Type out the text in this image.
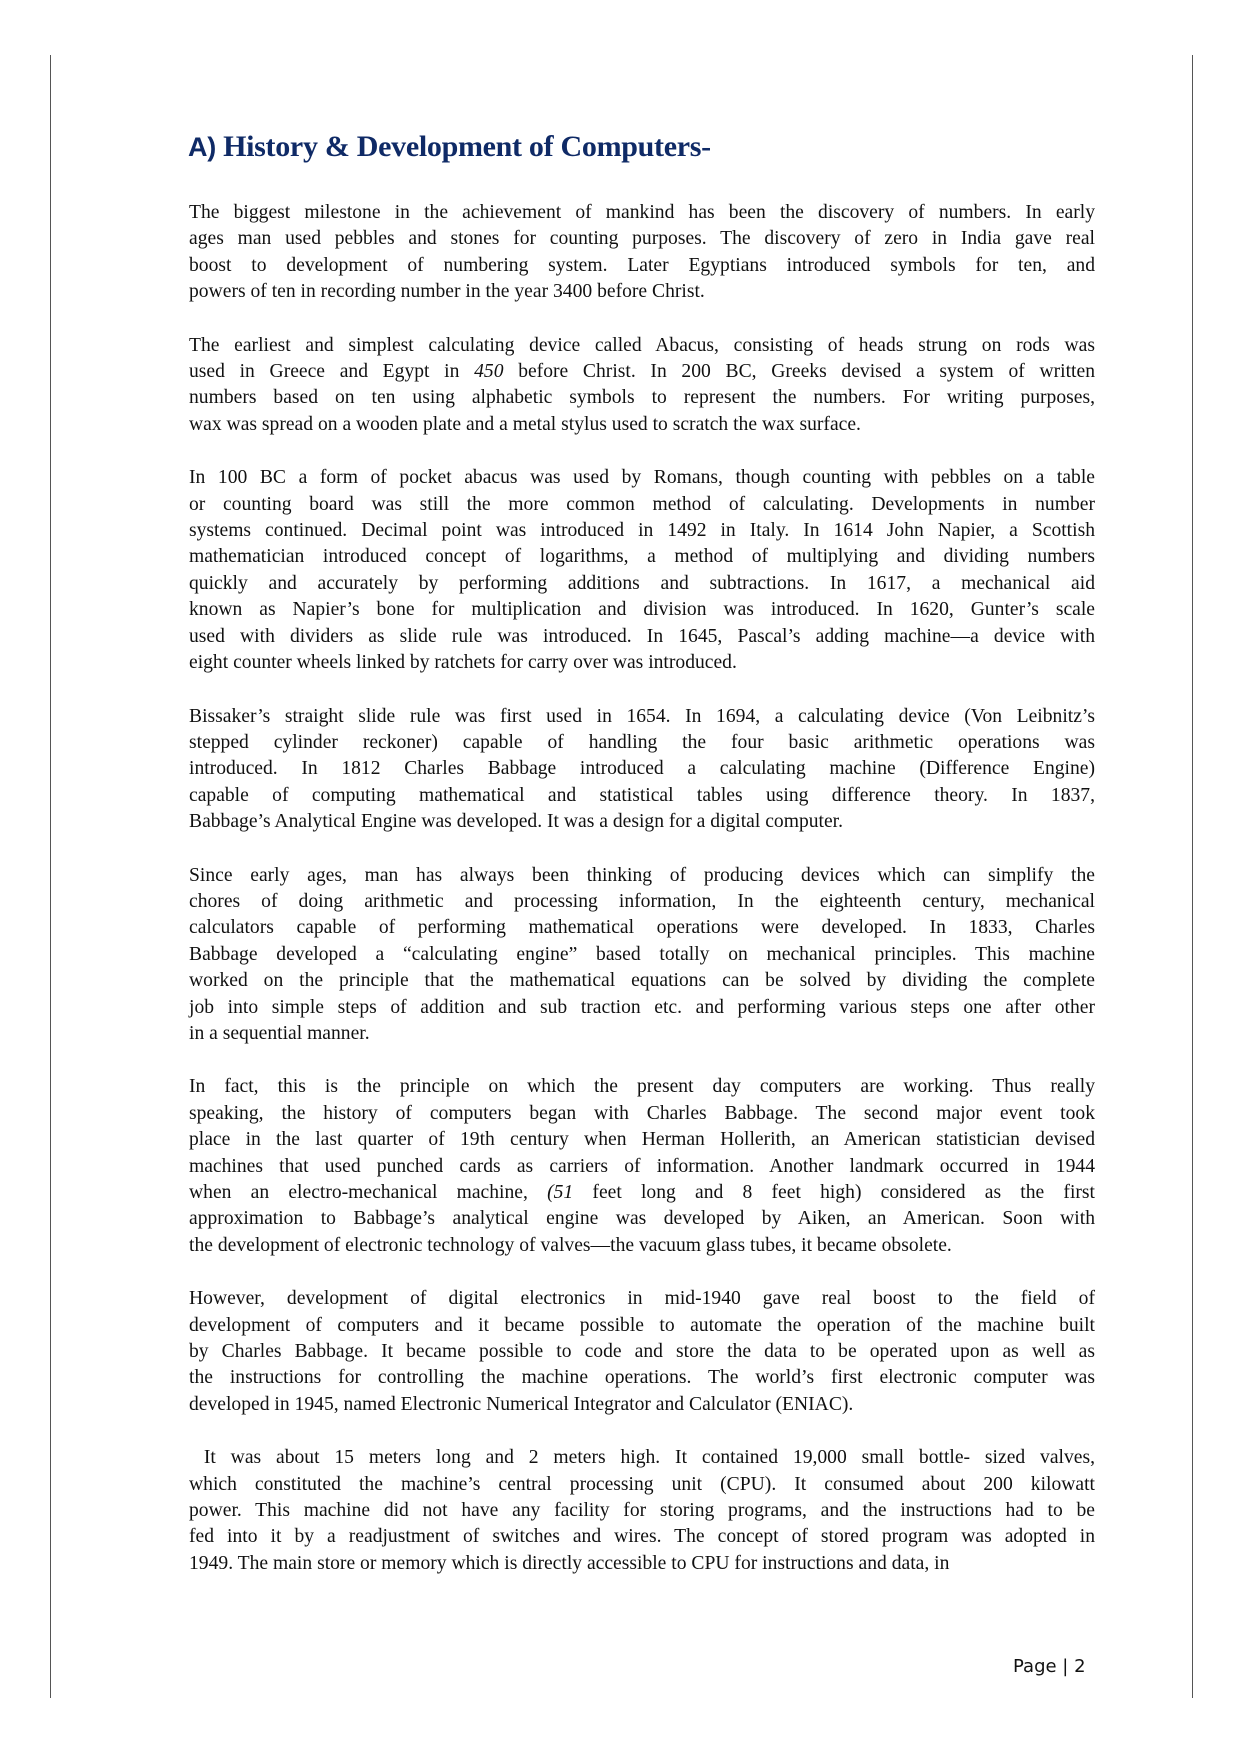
A) History & Development of Computers-
The biggest milestone in the achievement of mankind has been the discovery of numbers. In early
ages man used pebbles and stones for counting purposes. The discovery of zero in India gave real
boost to development of numbering system. Later Egyptians introduced symbols for ten, and
powers of ten in recording number in the year 3400 before Christ.
The earliest and simplest calculating device called Abacus, consisting of heads strung on rods was
used in Greece and Egypt in 450 before Christ. In 200 BC, Greeks devised a system of written
numbers based on ten using alphabetic symbols to represent the numbers. For writing purposes,
wax was spread on a wooden plate and a metal stylus used to scratch the wax surface.
In 100 BC a form of pocket abacus was used by Romans, though counting with pebbles on a table
or counting board was still the more common method of calculating. Developments in number
systems continued. Decimal point was introduced in 1492 in Italy. In 1614 John Napier, a Scottish
mathematician introduced concept of logarithms, a method of multiplying and dividing numbers
quickly and accurately by performing additions and subtractions. In 1617, a mechanical aid
known as Napier’s bone for multiplication and division was introduced. In 1620, Gunter’s scale
used with dividers as slide rule was introduced. In 1645, Pascal’s adding machine—a device with
eight counter wheels linked by ratchets for carry over was introduced.
Bissaker’s straight slide rule was first used in 1654. In 1694, a calculating device (Von Leibnitz’s
stepped cylinder reckoner) capable of handling the four basic arithmetic operations was
introduced. In 1812 Charles Babbage introduced a calculating machine (Difference Engine)
capable of computing mathematical and statistical tables using difference theory. In 1837,
Babbage’s Analytical Engine was developed. It was a design for a digital computer.
Since early ages, man has always been thinking of producing devices which can simplify the
chores of doing arithmetic and processing information, In the eighteenth century, mechanical
calculators capable of performing mathematical operations were developed. In 1833, Charles
Babbage developed a “calculating engine” based totally on mechanical principles. This machine
worked on the principle that the mathematical equations can be solved by dividing the complete
job into simple steps of addition and sub traction etc. and performing various steps one after other
in a sequential manner.
In fact, this is the principle on which the present day computers are working. Thus really
speaking, the history of computers began with Charles Babbage. The second major event took
place in the last quarter of 19th century when Herman Hollerith, an American statistician devised
machines that used punched cards as carriers of information. Another landmark occurred in 1944
when an electro-mechanical machine, (51 feet long and 8 feet high) considered as the first
approximation to Babbage’s analytical engine was developed by Aiken, an American. Soon with
the development of electronic technology of valves—the vacuum glass tubes, it became obsolete.
However, development of digital electronics in mid-1940 gave real boost to the field of
development of computers and it became possible to automate the operation of the machine built
by Charles Babbage. It became possible to code and store the data to be operated upon as well as
the instructions for controlling the machine operations. The world’s first electronic computer was
developed in 1945, named Electronic Numerical Integrator and Calculator (ENIAC).
It was about 15 meters long and 2 meters high. It contained 19,000 small bottle- sized valves,
which constituted the machine’s central processing unit (CPU). It consumed about 200 kilowatt
power. This machine did not have any facility for storing programs, and the instructions had to be
fed into it by a readjustment of switches and wires. The concept of stored program was adopted in
1949. The main store or memory which is directly accessible to CPU for instructions and data, in
Page | 2
